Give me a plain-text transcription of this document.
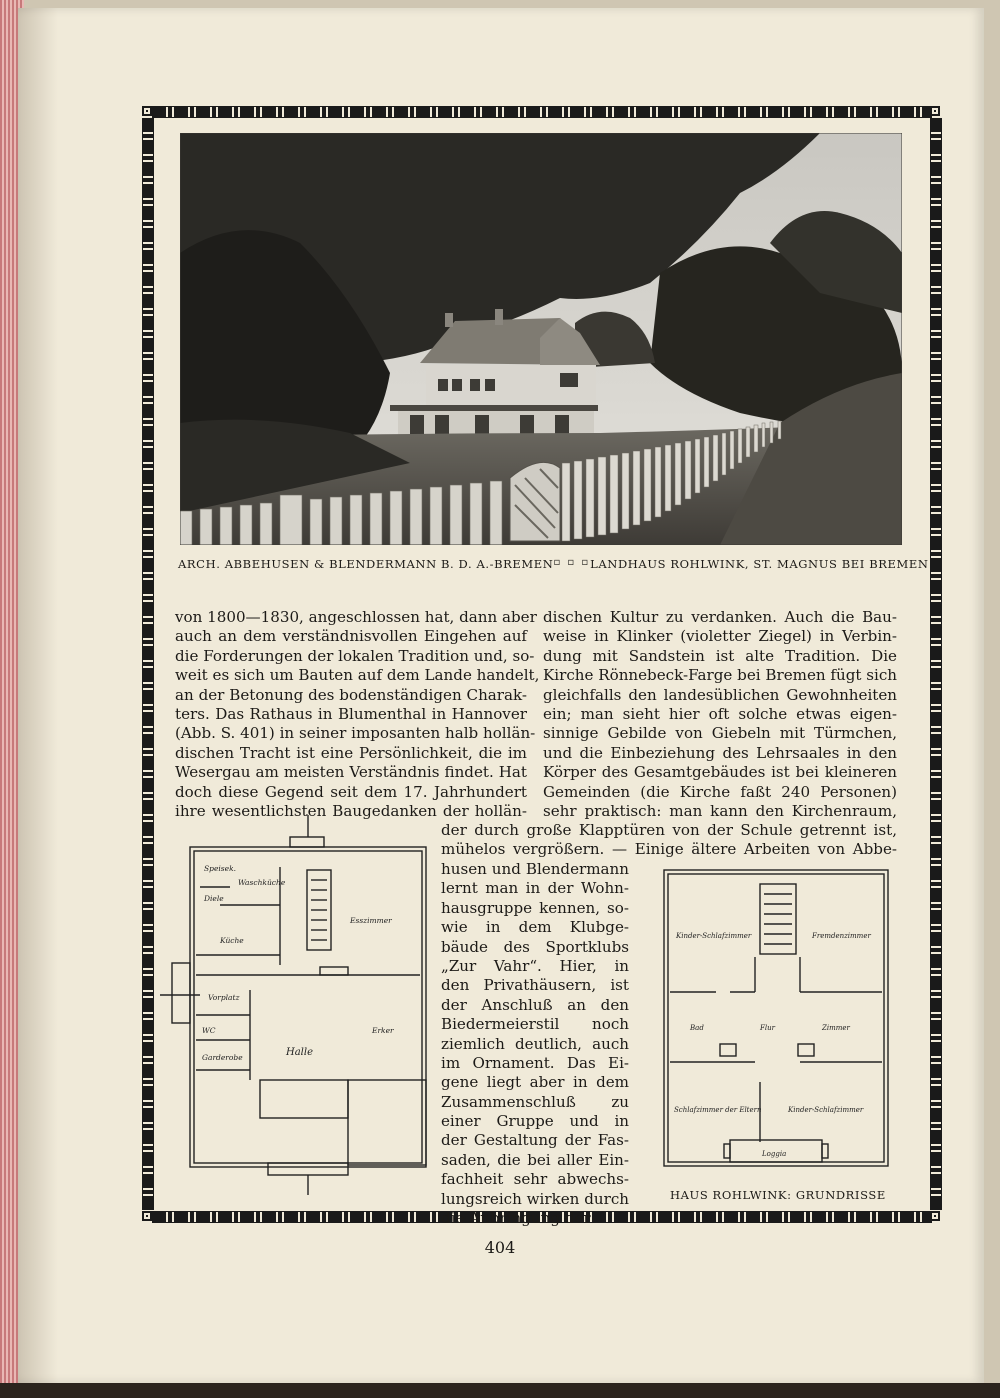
ARCH. ABBEHUSEN & BLENDERMANN B. D. A.-BREMEN ▫ ▫ ▫ LANDHAUS ROHLWINK, ST. MAGNUS BEI BREMEN
von 1800—1830, angeschlossen hat, dann aber
auch an dem verständnisvollen Eingehen auf
die Forderungen der lokalen Tradition und, so-
weit es sich um Bauten auf dem Lande handelt,
an der Betonung des bodenständigen Charak-
ters. Das Rathaus in Blumenthal in Hannover
(Abb. S. 401) in seiner imposanten halb hollän-
dischen Tracht ist eine Persönlichkeit, die im
Wesergau am meisten Verständnis findet. Hat
doch diese Gegend seit dem 17. Jahrhundert
ihre wesentlichsten Baugedanken der hollän-
dischen Kultur zu verdanken. Auch die Bau-
weise in Klinker (violetter Ziegel) in Verbin-
dung mit Sandstein ist alte Tradition. Die
Kirche Rönnebeck-Farge bei Bremen fügt sich
gleichfalls den landesüblichen Gewohnheiten
ein; man sieht hier oft solche etwas eigen-
sinnige Gebilde von Giebeln mit Türmchen,
und die Einbeziehung des Lehrsaales in den
Körper des Gesamtgebäudes ist bei kleineren
Gemeinden (die Kirche faßt 240 Personen)
sehr praktisch: man kann den Kirchenraum,
der durch große Klapptüren von der Schule getrennt ist,
mühelos vergrößern. — Einige ältere Arbeiten von Abbe-
husen und Blendermann
lernt man in der Wohn-
hausgruppe kennen, so-
wie in dem Klubge-
bäude des Sportklubs
„Zur Vahr“. Hier, in
den Privathäusern, ist
der Anschluß an den
Biedermeierstil noch
ziemlich deutlich, auch
im Ornament. Das Ei-
gene liegt aber in dem
Zusammenschluß zu
einer Gruppe und in
der Gestaltung der Fas-
saden, die bei aller Ein-
fachheit sehr abwechs-
lungsreich wirken durch
die Anbringung der
Speisek.
Waschküche
Diele
Küche
Esszimmer
Vorplatz
Halle
Erker
WC
Garderobe
Kinder-Schlafzimmer	Fremdenzimmer
Bad	Flur	Zimmer
Schlafzimmer der Eltern	Kinder-Schlafzimmer
Loggia
HAUS ROHLWINK: GRUNDRISSE
404
